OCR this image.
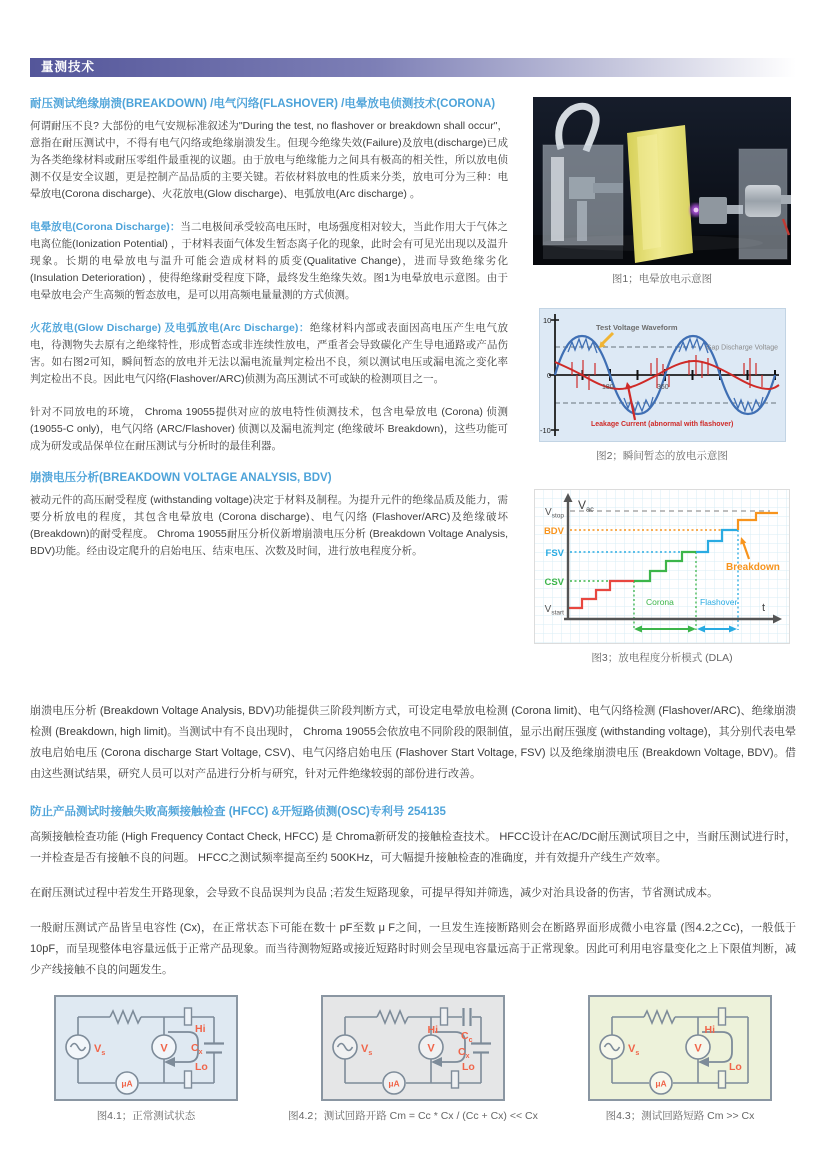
量测技术
耐压测试绝缘崩溃(BREAKDOWN) /电气闪络(FLASHOVER) /电晕放电侦测技术(CORONA)

何谓耐压不良? 大部份的电气安规标准叙述为"During the test, no flashover or breakdown shall occur"，意指在耐压测试中，不得有电气闪络或绝缘崩溃发生。但现今绝缘失效(Failure)及放电(discharge)已成为各类绝缘材料或耐压零组件最重视的议题。由于放电与绝缘能力之间具有极高的相关性，所以放电侦测不仅是安全议题，更是控制产品品质的主要关键。若依材料放电的性质来分类，放电可分为三种：电晕放电(Corona discharge)、火花放电(Glow discharge)、电弧放电(Arc discharge) 。

电晕放电(Corona Discharge)：当二电极间承受较高电压时，电场强度相对较大，当此作用大于气体之电离位能(Ionization Potential) ，于材料表面气体发生暂态离子化的现象，此时会有可见光出现以及温升现象。长期的电晕放电与温升可能会造成材料的质变(Qualitative Change)，进而导致绝缘劣化 (Insulation Deterioration) ，使得绝缘耐受程度下降，最终发生绝缘失效。图1为电晕放电示意图。由于电晕放电会产生高频的暂态放电，是可以用高频电量量测的方式侦测。

火花放电(Glow Discharge) 及电弧放电(Arc Discharge)：绝缘材料内部或表面因高电压产生电气放电，待测物失去原有之绝缘特性，形成暂态或非连续性放电，严重者会导致碳化产生导电通路或产品伤害。如右图2可知，瞬间暂态的放电并无法以漏电流量判定检出不良，须以测试电压或漏电流之变化率判定检出不良。因此电气闪络(Flashover/ARC)侦测为高压测试不可或缺的检测项目之一。

针对不同放电的环境， Chroma 19055提供对应的放电特性侦测技术，包含电晕放电 (Corona) 侦测 (19055-C only)，电气闪络 (ARC/Flashover) 侦测以及漏电流判定 (绝缘破坏 Breakdown)，这些功能可成为研发或品保单位在耐压测试与分析时的最佳利器。

崩溃电压分析(BREAKDOWN VOLTAGE ANALYSIS, BDV)

被动元件的高压耐受程度 (withstanding voltage)决定于材料及制程。为提升元件的绝缘品质及能力，需要分析放电的程度，其包含电晕放电 (Corona discharge)、电气闪络 (Flashover/ARC)及绝缘破坏 (Breakdown)的耐受程度。 Chroma 19055耐压分析仪新增崩溃电压分析 (Breakdown Voltage Analysis, BDV)功能。经由设定爬升的启始电压、结束电压、次数及时间，进行放电程度分析。

图1；电晕放电示意图
Test Voltage Waveform
Gap Discharge Voltage
Leakage Current (abnormal with flashover)
10
0
-10
180	360
图2；瞬间暂态的放电示意图
$V_{ac}$
t
$V_{stop}$
BDV
FSV
CSV
$V_{start}$
Corona	Flashover
Breakdown
图3；放电程度分析模式 (DLA)

崩溃电压分析 (Breakdown Voltage Analysis, BDV)功能提供三阶段判断方式，可设定电晕放电检测 (Corona limit)、电气闪络检测 (Flashover/ARC)、绝缘崩溃检测 (Breakdown, high limit)。当测试中有不良出现时， Chroma 19055会依放电不同阶段的限制值，显示出耐压强度 (withstanding voltage)，其分别代表电晕放电启始电压 (Corona discharge Start Voltage, CSV)、电气闪络启始电压 (Flashover Start Voltage, FSV) 以及绝缘崩溃电压 (Breakdown Voltage, BDV)。借由这些测试结果，研究人员可以对产品进行分析与研究，针对元件绝缘较弱的部份进行改善。

防止产品测试时接触失败高频接触检查 (HFCC) &开短路侦测(OSC)专利号 254135

高频接触检查功能 (High Frequency Contact Check, HFCC) 是 Chroma新研发的接触检查技术。 HFCC设计在AC/DC耐压测试项目之中，当耐压测试进行时，一并检查是否有接触不良的问题。 HFCC之测试频率提高至约 500KHz，可大幅提升接触检查的准确度，并有效提升产线生产效率。

在耐压测试过程中若发生开路现象，会导致不良品误判为良品 ;若发生短路现象，可提早得知并筛选，减少对治具设备的伤害，节省测试成本。

一般耐压测试产品皆呈电容性 (Cx)，在正常状态下可能在数十 pF至数 μ F之间，一旦发生连接断路则会在断路界面形成微小电容量 (图4.2之Cc)，一般低于 10pF，而呈现整体电容量远低于正常产品现象。而当待测物短路或接近短路时时则会呈现电容量远高于正常现象。因此可利用电容量变化之上下限值判断，减少产线接触不良的问题发生。

$V_s$	V
μA
Hi
Lo
$C_x$
图4.1；正常测试状态
$V_s$	V
μA
Hi
Lo
$C_c$
$C_x$
图4.2；测试回路开路 Cm = Cc * Cx / (Cc + Cx) << Cx
$V_s$	V
μA
Hi
Lo
图4.3；测试回路短路 Cm >> Cx
